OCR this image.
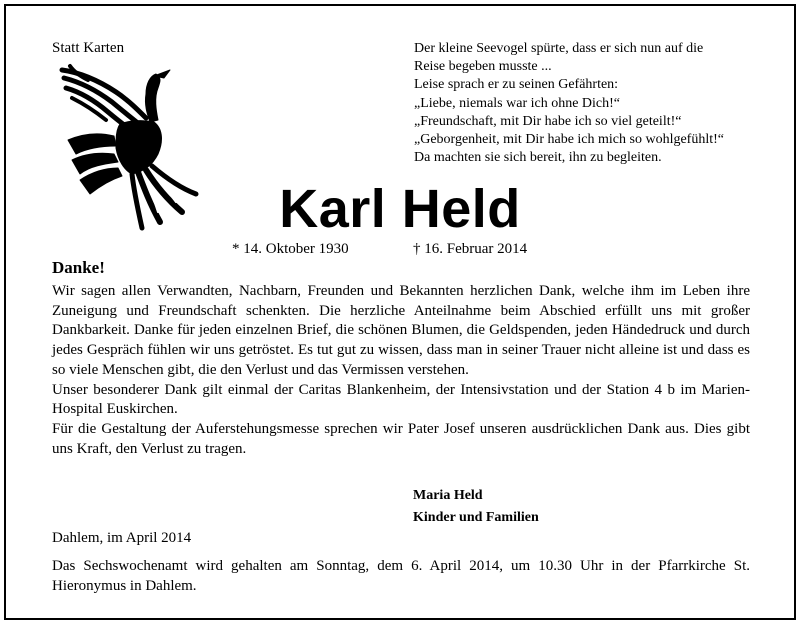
Statt Karten	Der kleine Seevogel spürte, dass er sich nun auf die
Reise begeben musste ...
Leise sprach er zu seinen Gefährten:
„Liebe, niemals war ich ohne Dich!“
„Freundschaft, mit Dir habe ich so viel geteilt!“
„Geborgenheit, mit Dir habe ich mich so wohlgefühlt!“
Da machten sie sich bereit, ihn zu begleiten.
Karl Held
* 14. Oktober 1930	† 16. Februar 2014
Danke!

Wir sagen allen Verwandten, Nachbarn, Freunden und Bekannten herzlichen Dank, welche ihm im Leben ihre Zuneigung und Freundschaft schenkten. Die herzliche Anteilnahme beim Abschied erfüllt uns mit großer Dankbarkeit. Danke für jeden einzelnen Brief, die schönen Blumen, die Geldspenden, jeden Händedruck und durch jedes Gespräch fühlen wir uns getröstet. Es tut gut zu wissen, dass man in seiner Trauer nicht alleine ist und dass es so viele Menschen gibt, die den Verlust und das Vermissen verstehen.

Unser besonderer Dank gilt einmal der Caritas Blankenheim, der Intensivstation und der Station 4 b im Marien-Hospital Euskirchen.

Für die Gestaltung der Auferstehungsmesse sprechen wir Pater Josef unseren ausdrücklichen Dank aus. Dies gibt uns Kraft, den Verlust zu tragen.

Maria Held
Kinder und Familien
Dahlem, im April 2014

Das Sechswochenamt wird gehalten am Sonntag, dem 6. April 2014, um 10.30 Uhr in der Pfarrkirche St. Hieronymus in Dahlem.
